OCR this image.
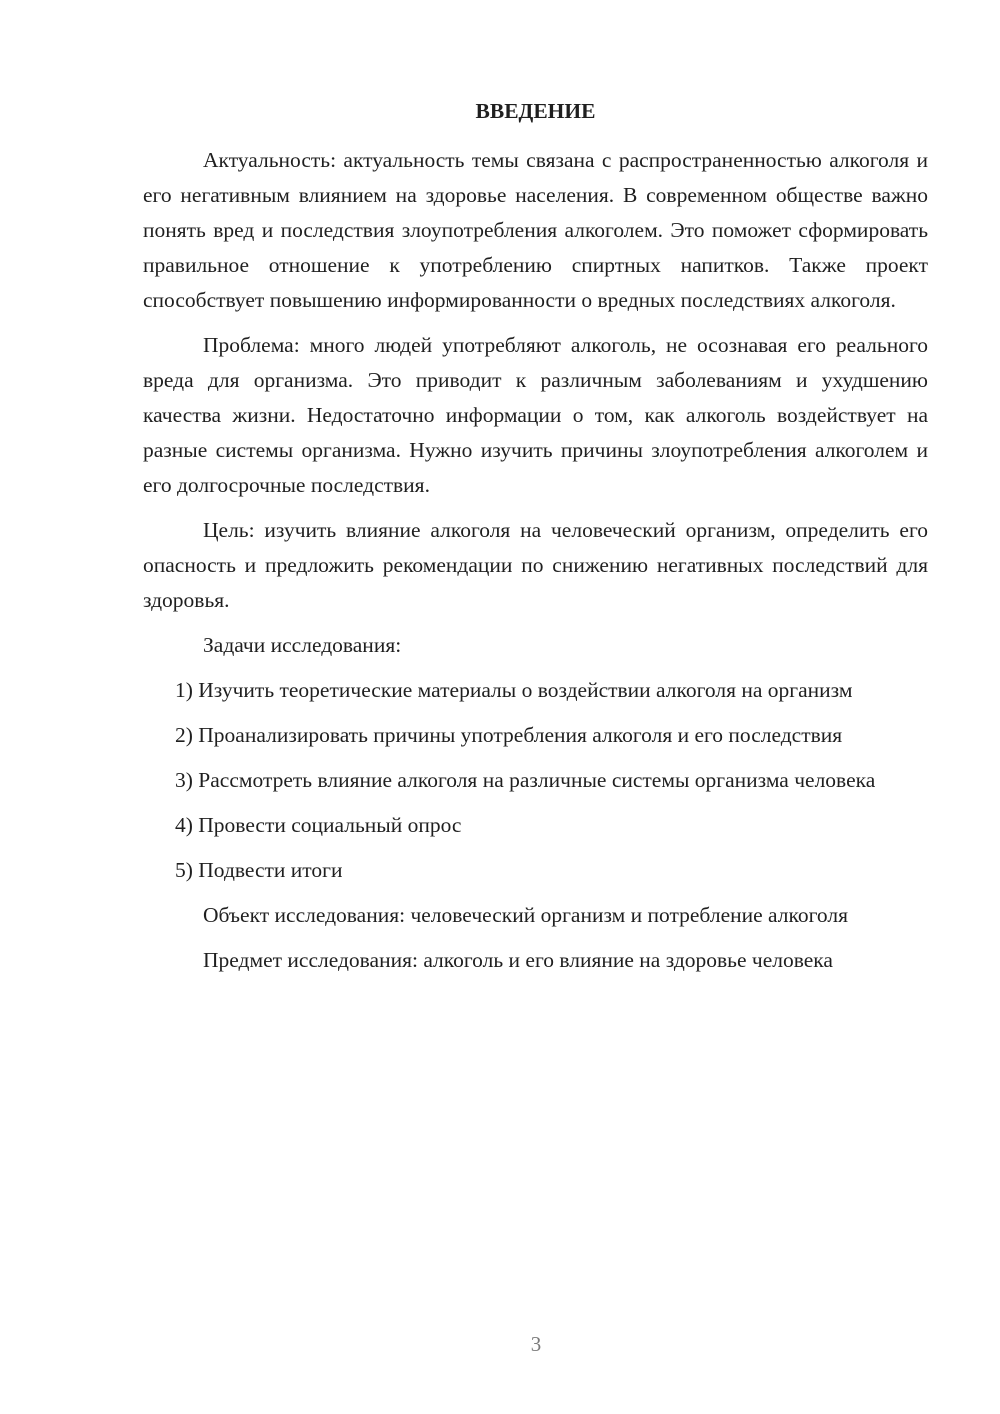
ВВЕДЕНИЕ

Актуальность: актуальность темы связана с распространенностью алкоголя и его негативным влиянием на здоровье населения. В современном обществе важно понять вред и последствия злоупотребления алкоголем. Это поможет сформировать правильное отношение к употреблению спиртных напитков. Также проект способствует повышению информированности о вредных последствиях алкоголя.

Проблема: много людей употребляют алкоголь, не осознавая его реального вреда для организма. Это приводит к различным заболеваниям и ухудшению качества жизни. Недостаточно информации о том, как алкоголь воздействует на разные системы организма. Нужно изучить причины злоупотребления алкоголем и его долгосрочные последствия.

Цель: изучить влияние алкоголя на человеческий организм, определить его опасность и предложить рекомендации по снижению негативных последствий для здоровья.

Задачи исследования:

1) Изучить теоретические материалы о воздействии алкоголя на организм

2) Проанализировать причины употребления алкоголя и его последствия

3) Рассмотреть влияние алкоголя на различные системы организма человека

4) Провести социальный опрос

5) Подвести итоги

Объект исследования: человеческий организм и потребление алкоголя

Предмет исследования: алкоголь и его влияние на здоровье человека

3
